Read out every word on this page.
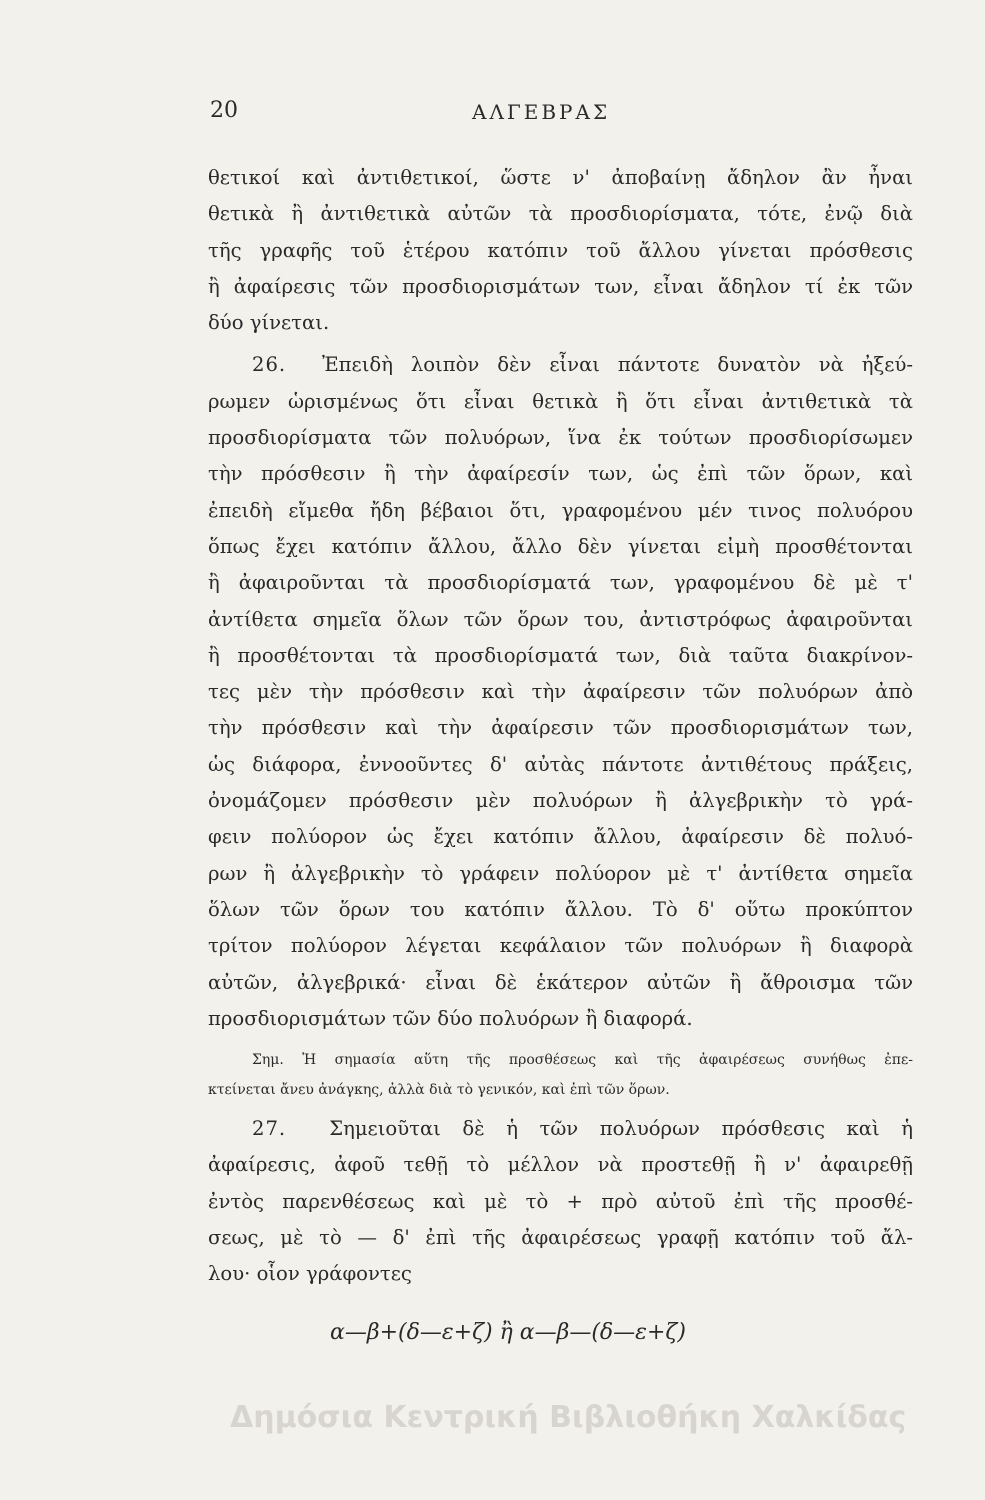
20	ΑΛΓΕΒΡΑΣ
θετικοί καὶ ἀντιθετικοί, ὥστε ν' ἀποβαίνῃ ἄδηλον ἂν ἦναι
θετικὰ ἢ ἀντιθετικὰ αὐτῶν τὰ προσδιορίσματα, τότε, ἐνῷ διὰ
τῆς γραφῆς τοῦ ἑτέρου κατόπιν τοῦ ἄλλου γίνεται πρόσθεσις
ἢ ἀφαίρεσις τῶν προσδιορισμάτων των, εἶναι ἄδηλον τί ἐκ τῶν
δύο γίνεται.
26. Ἐπειδὴ λοιπὸν δὲν εἶναι πάντοτε δυνατὸν νὰ ἠξεύ-
ρωμεν ὡρισμένως ὅτι εἶναι θετικὰ ἢ ὅτι εἶναι ἀντιθετικὰ τὰ
προσδιορίσματα τῶν πολυόρων, ἵνα ἐκ τούτων προσδιορίσωμεν
τὴν πρόσθεσιν ἢ τὴν ἀφαίρεσίν των, ὡς ἐπὶ τῶν ὅρων, καὶ
ἐπειδὴ εἴμεθα ἤδη βέβαιοι ὅτι, γραφομένου μέν τινος πολυόρου
ὅπως ἔχει κατόπιν ἄλλου, ἄλλο δὲν γίνεται εἰμὴ προσθέτονται
ἢ ἀφαιροῦνται τὰ προσδιορίσματά των, γραφομένου δὲ μὲ τ'
ἀντίθετα σημεῖα ὅλων τῶν ὅρων του, ἀντιστρόφως ἀφαιροῦνται
ἢ προσθέτονται τὰ προσδιορίσματά των, διὰ ταῦτα διακρίνον-
τες μὲν τὴν πρόσθεσιν καὶ τὴν ἀφαίρεσιν τῶν πολυόρων ἀπὸ
τὴν πρόσθεσιν καὶ τὴν ἀφαίρεσιν τῶν προσδιορισμάτων των,
ὡς διάφορα, ἐννοοῦντες δ' αὐτὰς πάντοτε ἀντιθέτους πράξεις,
ὀνομάζομεν πρόσθεσιν μὲν πολυόρων ἢ ἀλγεβρικὴν τὸ γρά-
φειν πολύορον ὡς ἔχει κατόπιν ἄλλου, ἀφαίρεσιν δὲ πολυό-
ρων ἢ ἀλγεβρικὴν τὸ γράφειν πολύορον μὲ τ' ἀντίθετα σημεῖα
ὅλων τῶν ὅρων του κατόπιν ἄλλου. Τὸ δ' οὕτω προκύπτον
τρίτον πολύορον λέγεται κεφάλαιον τῶν πολυόρων ἢ διαφορὰ
αὐτῶν, ἀλγεβρικά· εἶναι δὲ ἑκάτερον αὐτῶν ἢ ἄθροισμα τῶν
προσδιορισμάτων τῶν δύο πολυόρων ἢ διαφορά.
Σημ. Ἡ σημασία αὕτη τῆς προσθέσεως καὶ τῆς ἀφαιρέσεως συνήθως ἐπε-
κτείνεται ἄνευ ἀνάγκης, ἀλλὰ διὰ τὸ γενικόν, καὶ ἐπὶ τῶν ὅρων.
27. Σημειοῦται δὲ ἡ τῶν πολυόρων πρόσθεσις καὶ ἡ
ἀφαίρεσις, ἀφοῦ τεθῇ τὸ μέλλον νὰ προστεθῇ ἢ ν' ἀφαιρεθῇ
ἐντὸς παρενθέσεως καὶ μὲ τὸ + πρὸ αὐτοῦ ἐπὶ τῆς προσθέ-
σεως, μὲ τὸ — δ' ἐπὶ τῆς ἀφαιρέσεως γραφῇ κατόπιν τοῦ ἄλ-
λου· οἷον γράφοντες
α—β+(δ—ε+ζ) ἢ α—β—(δ—ε+ζ)
Δημόσια Κεντρική Βιβλιοθήκη Χαλκίδας
